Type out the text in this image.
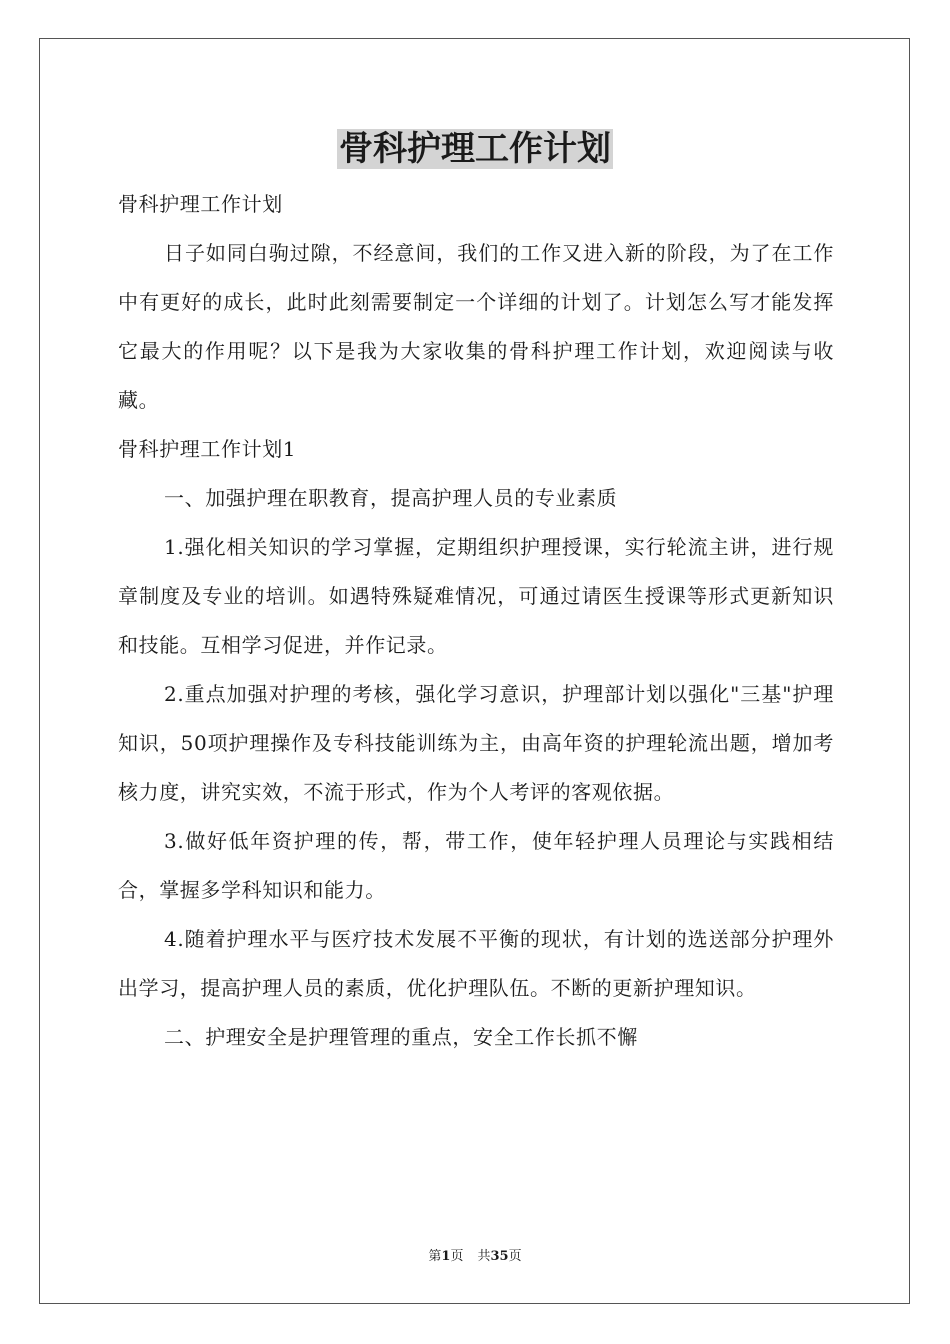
骨科护理工作计划

骨科护理工作计划

日子如同白驹过隙，不经意间，我们的工作又进入新的阶段，为了在工作中有更好的成长，此时此刻需要制定一个详细的计划了。计划怎么写才能发挥它最大的作用呢？以下是我为大家收集的骨科护理工作计划，欢迎阅读与收藏。

骨科护理工作计划1

一、加强护理在职教育，提高护理人员的专业素质

1.强化相关知识的学习掌握，定期组织护理授课，实行轮流主讲，进行规章制度及专业的培训。如遇特殊疑难情况，可通过请医生授课等形式更新知识和技能。互相学习促进，并作记录。

2.重点加强对护理的考核，强化学习意识，护理部计划以强化"三基"护理知识，50项护理操作及专科技能训练为主，由高年资的护理轮流出题，增加考核力度，讲究实效，不流于形式，作为个人考评的客观依据。

3.做好低年资护理的传，帮，带工作，使年轻护理人员理论与实践相结合，掌握多学科知识和能力。

4.随着护理水平与医疗技术发展不平衡的现状，有计划的选送部分护理外出学习，提高护理人员的素质，优化护理队伍。不断的更新护理知识。

二、护理安全是护理管理的重点，安全工作长抓不懈

第1页 共35页
